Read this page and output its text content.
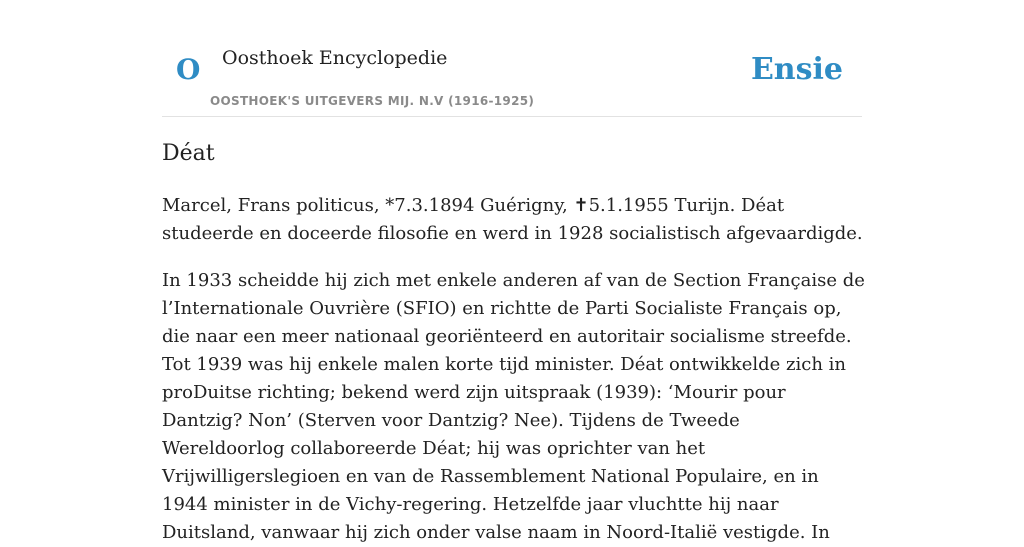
O Oosthoek Encyclopedie
OOSTHOEK'S UITGEVERS MIJ. N.V (1916-1925)
Ensie
Déat

Marcel, Frans politicus, *7.3.1894 Guérigny, ✝5.1.1955 Turijn. Déat studeerde en doceerde filosofie en werd in 1928 socialistisch afgevaardigde.

In 1933 scheidde hij zich met enkele anderen af van de Section Française de l’Internationale Ouvrière (SFIO) en richtte de Parti Socialiste Français op, die naar een meer nationaal georiënteerd en autoritair socialisme streefde. Tot 1939 was hij enkele malen korte tijd minister. Déat ontwikkelde zich in proDuitse richting; bekend werd zijn uitspraak (1939): ‘Mourir pour Dantzig? Non’ (Sterven voor Dantzig? Nee). Tijdens de Tweede Wereldoorlog collaboreerde Déat; hij was oprichter van het Vrijwilligerslegioen en van de Rassemblement National Populaire, en in 1944 minister in de Vichy-regering. Hetzelfde jaar vluchtte hij naar Duitsland, vanwaar hij zich onder valse naam in Noord-Italië vestigde. In
